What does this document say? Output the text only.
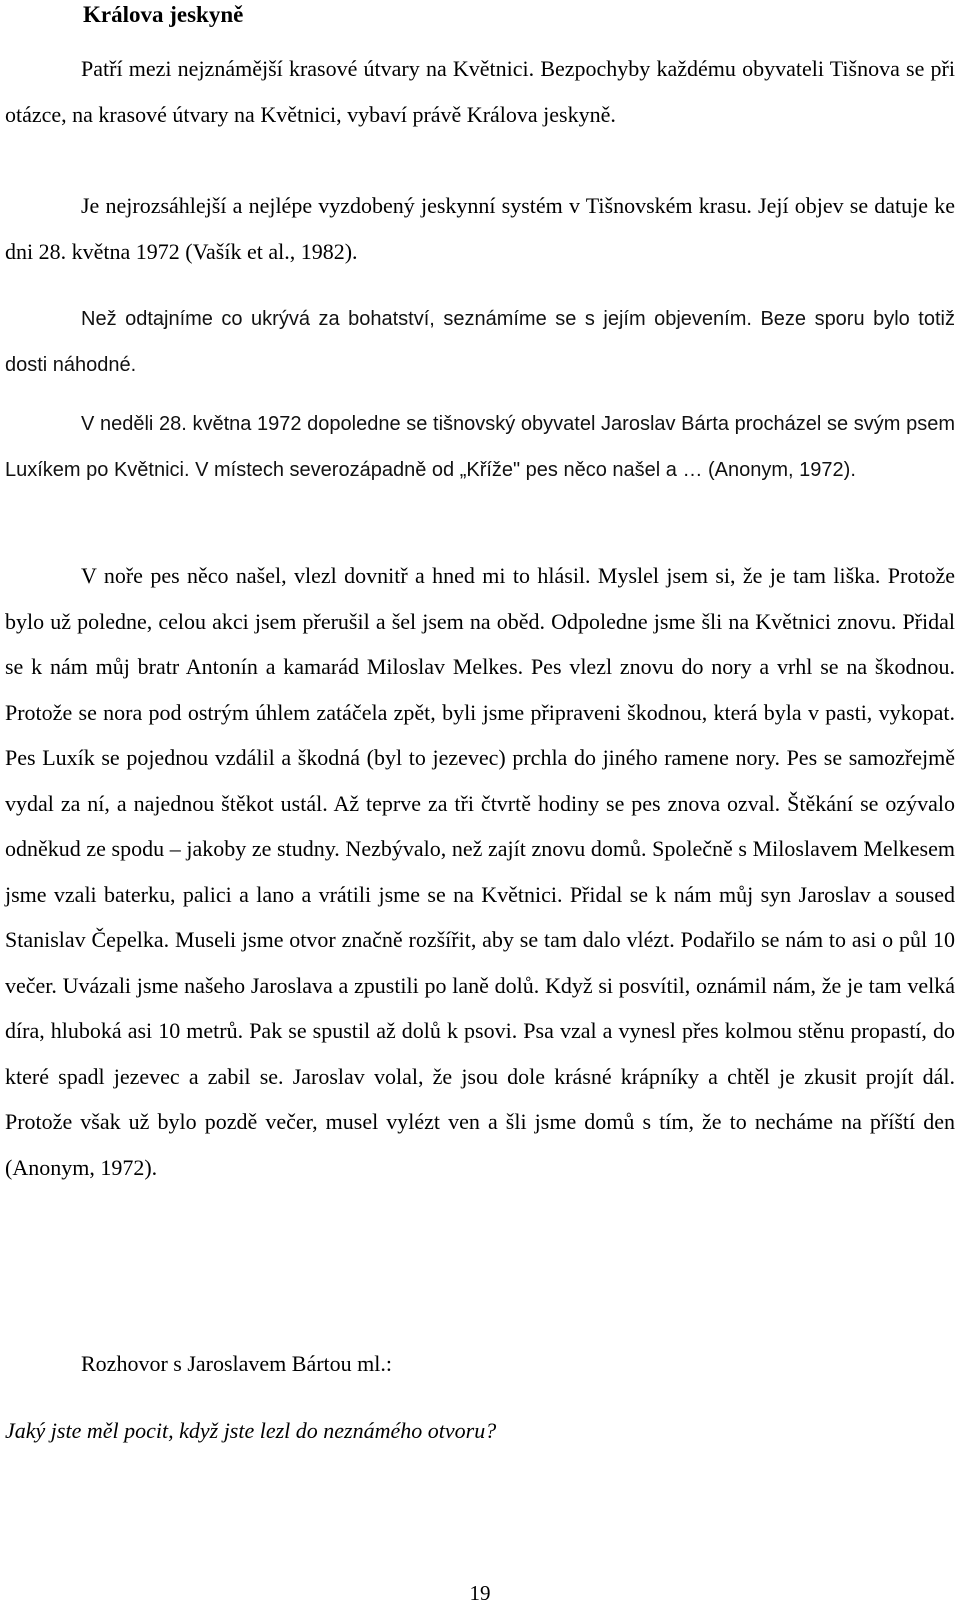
Králova jeskyně

Patří mezi nejznámější krasové útvary na Květnici. Bezpochyby každému obyvateli Tišnova se při otázce, na krasové útvary na Květnici, vybaví právě Králova jeskyně.

Je nejrozsáhlejší a nejlépe vyzdobený jeskynní systém v Tišnovském krasu. Její objev se datuje ke dni 28. května 1972 (Vašík et al., 1982).

Než odtajníme co ukrývá za bohatství, seznámíme se s jejím objevením. Beze sporu bylo totiž dosti náhodné.

V neděli 28. května 1972 dopoledne se tišnovský obyvatel Jaroslav Bárta procházel se svým psem Luxíkem po Květnici. V místech severozápadně od „Kříže" pes něco našel a … (Anonym, 1972).

V noře pes něco našel, vlezl dovnitř a hned mi to hlásil. Myslel jsem si, že je tam liška. Protože bylo už poledne, celou akci jsem přerušil a šel jsem na oběd. Odpoledne jsme šli na Květnici znovu. Přidal se k nám můj bratr Antonín a kamarád Miloslav Melkes. Pes vlezl znovu do nory a vrhl se na škodnou. Protože se nora pod ostrým úhlem zatáčela zpět, byli jsme připraveni škodnou, která byla v pasti, vykopat. Pes Luxík se pojednou vzdálil a škodná (byl to jezevec) prchla do jiného ramene nory. Pes se samozřejmě vydal za ní, a najednou štěkot ustál. Až teprve za tři čtvrtě hodiny se pes znova ozval. Štěkání se ozývalo odněkud ze spodu – jakoby ze studny. Nezbývalo, než zajít znovu domů. Společně s Miloslavem Melkesem jsme vzali baterku, palici a lano a vrátili jsme se na Květnici. Přidal se k nám můj syn Jaroslav a soused Stanislav Čepelka. Museli jsme otvor značně rozšířit, aby se tam dalo vlézt. Podařilo se nám to asi o půl 10 večer. Uvázali jsme našeho Jaroslava a zpustili po laně dolů. Když si posvítil, oznámil nám, že je tam velká díra, hluboká asi 10 metrů. Pak se spustil až dolů k psovi. Psa vzal a vynesl přes kolmou stěnu propastí, do které spadl jezevec a zabil se. Jaroslav volal, že jsou dole krásné krápníky a chtěl je zkusit projít dál. Protože však už bylo pozdě večer, musel vylézt ven a šli jsme domů s tím, že to necháme na příští den (Anonym, 1972).

Rozhovor s Jaroslavem Bártou ml.:

Jaký jste měl pocit, když jste lezl do neznámého otvoru?

19
